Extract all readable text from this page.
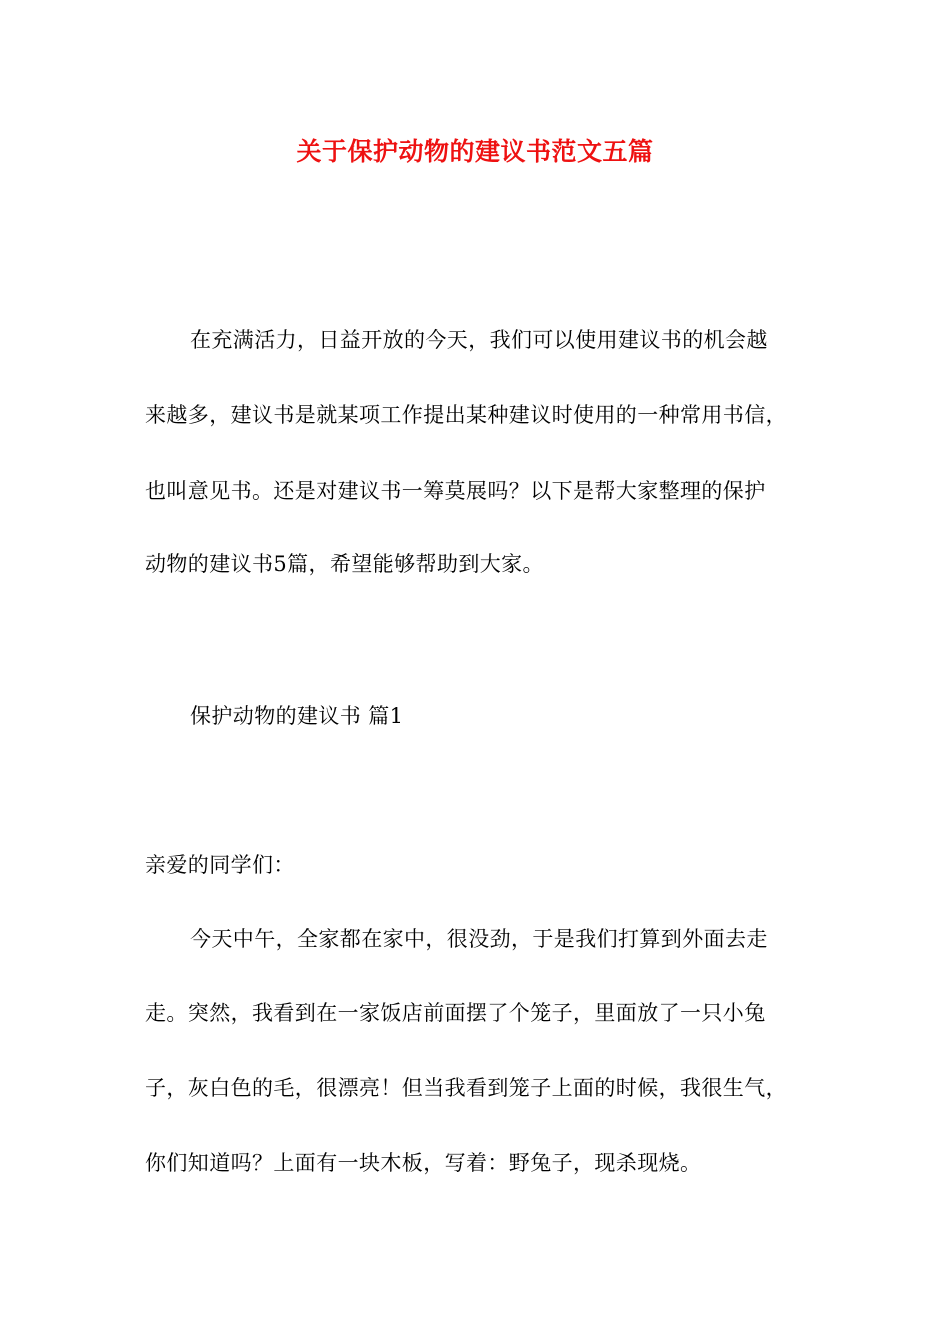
关于保护动物的建议书范文五篇
在充满活力，日益开放的今天，我们可以使用建议书的机会越
来越多，建议书是就某项工作提出某种建议时使用的一种常用书信，
也叫意见书。还是对建议书一筹莫展吗？以下是帮大家整理的保护
动物的建议书5篇，希望能够帮助到大家。
保护动物的建议书 篇1
亲爱的同学们：
今天中午，全家都在家中，很没劲，于是我们打算到外面去走
走。突然，我看到在一家饭店前面摆了个笼子，里面放了一只小兔
子，灰白色的毛，很漂亮！但当我看到笼子上面的时候，我很生气，
你们知道吗？上面有一块木板，写着：野兔子，现杀现烧。
